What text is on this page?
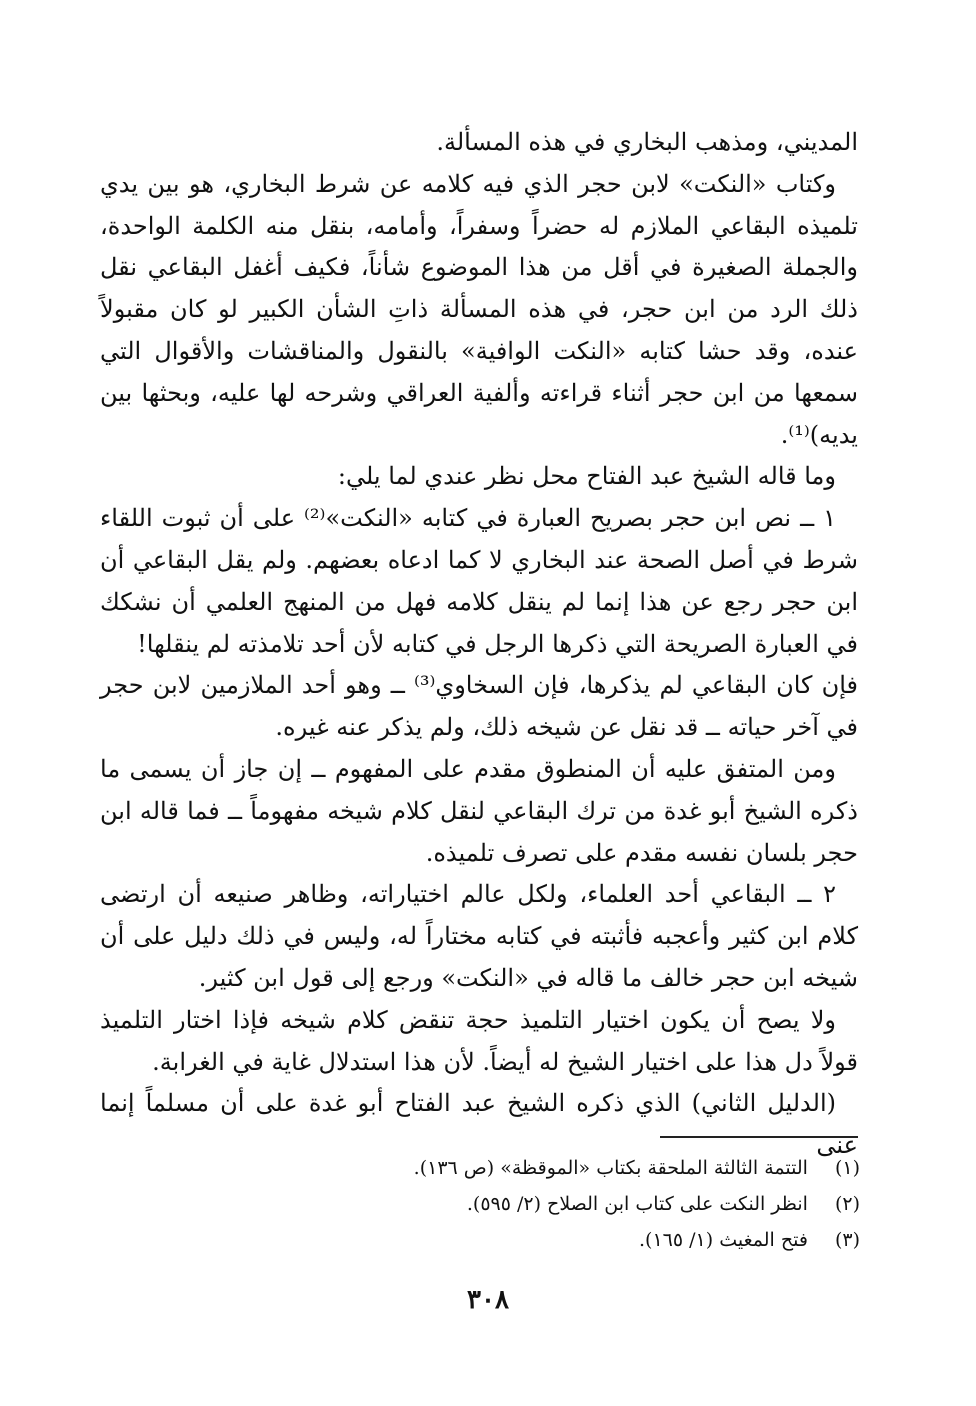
المديني، ومذهب البخاري في هذه المسألة.

وكتاب «النكت» لابن حجر الذي فيه كلامه عن شرط البخاري، هو بين يدي تلميذه البقاعي الملازم له حضراً وسفراً، وأمامه، بنقل منه الكلمة الواحدة، والجملة الصغيرة في أقل من هذا الموضوع شأناً، فكيف أغفل البقاعي نقل ذلك الرد من ابن حجر، في هذه المسألة ذاتِ الشأن الكبير لو كان مقبولاً عنده، وقد حشا كتابه «النكت الوافية» بالنقول والمناقشات والأقوال التي سمعها من ابن حجر أثناء قراءته وألفية العراقي وشرحه لها عليه، وبحثها بين يديه)⁽¹⁾.

وما قاله الشيخ عبد الفتاح محل نظر عندي لما يلي:

١ ــ نص ابن حجر بصريح العبارة في كتابه «النكت»⁽²⁾ على أن ثبوت اللقاء شرط في أصل الصحة عند البخاري لا كما ادعاه بعضهم. ولم يقل البقاعي أن ابن حجر رجع عن هذا إنما لم ينقل كلامه فهل من المنهج العلمي أن نشكك في العبارة الصريحة التي ذكرها الرجل في كتابه لأن أحد تلامذته لم ينقلها!

فإن كان البقاعي لم يذكرها، فإن السخاوي⁽³⁾ ــ وهو أحد الملازمين لابن حجر في آخر حياته ــ قد نقل عن شيخه ذلك، ولم يذكر عنه غيره.

ومن المتفق عليه أن المنطوق مقدم على المفهوم ــ إن جاز أن يسمى ما ذكره الشيخ أبو غدة من ترك البقاعي لنقل كلام شيخه مفهوماً ــ فما قاله ابن حجر بلسان نفسه مقدم على تصرف تلميذه.

٢ ــ البقاعي أحد العلماء، ولكل عالم اختياراته، وظاهر صنيعه أن ارتضى كلام ابن كثير وأعجبه فأثبته في كتابه مختاراً له، وليس في ذلك دليل على أن شيخه ابن حجر خالف ما قاله في «النكت» ورجع إلى قول ابن كثير.

ولا يصح أن يكون اختيار التلميذ حجة تنقض كلام شيخه فإذا اختار التلميذ قولاً دل هذا على اختيار الشيخ له أيضاً. لأن هذا استدلال غاية في الغرابة.

(الدليل الثاني) الذي ذكره الشيخ عبد الفتاح أبو غدة على أن مسلماً إنما عنى

(١) التتمة الثالثة الملحقة بكتاب «الموقظة» (ص ١٣٦).
(٢) انظر النكت على كتاب ابن الصلاح (٢/ ٥٩٥).
(٣) فتح المغيث (١/ ١٦٥).
٣٠٨
